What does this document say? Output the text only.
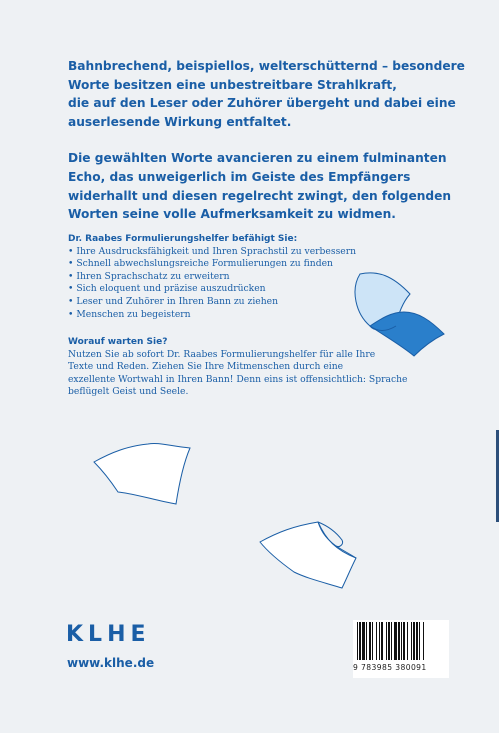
Bahnbrechend, beispiellos, welterschütternd – besondere
Worte besitzen eine unbestreitbare Strahlkraft,
die auf den Leser oder Zuhörer übergeht und dabei eine
auserlesende Wirkung entfaltet.

Die gewählten Worte avancieren zu einem fulminanten
Echo, das unweigerlich im Geiste des Empfängers
widerhallt und diesen regelrecht zwingt, den folgenden
Worten seine volle Aufmerksamkeit zu widmen.

Dr. Raabes Formulierungshelfer befähigt Sie:
• Ihre Ausdrucksfähigkeit und Ihren Sprachstil zu verbessern
• Schnell abwechslungsreiche Formulierungen zu finden
• Ihren Sprachschatz zu erweitern
• Sich eloquent und präzise auszudrücken
• Leser und Zuhörer in Ihren Bann zu ziehen
• Menschen zu begeistern
Worauf warten Sie?
Nutzen Sie ab sofort Dr. Raabes Formulierungshelfer für alle Ihre
Texte und Reden. Ziehen Sie Ihre Mitmenschen durch eine
exzellente Wortwahl in Ihren Bann! Denn eins ist offensichtlich: Sprache
beflügelt Geist und Seele.
KLHE
www.klhe.de	9 783985 380091
